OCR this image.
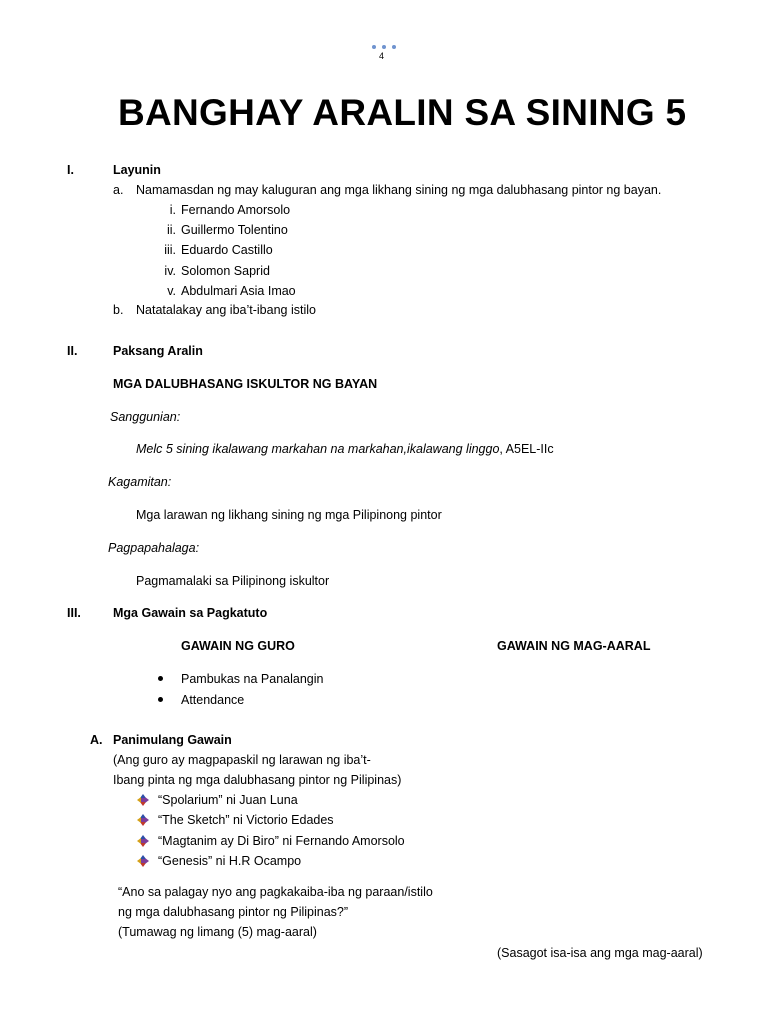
4
BANGHAY ARALIN SA SINING 5
I.	Layunin
a. Namamasdan ng may kaluguran ang mga likhang sining ng mga dalubhasang pintor ng bayan.
i. Fernando Amorsolo
ii. Guillermo Tolentino
iii. Eduardo Castillo
iv. Solomon Saprid
v. Abdulmari Asia Imao
b. Natatalakay ang iba’t-ibang istilo
II.	Paksang Aralin
MGA DALUBHASANG ISKULTOR NG BAYAN
Sanggunian:
Melc 5 sining ikalawang markahan na markahan,ikalawang linggo, A5EL-IIc
Kagamitan:
Mga larawan ng likhang sining ng mga Pilipinong pintor
Pagpapahalaga:
Pagmamalaki sa Pilipinong iskultor
III.	Mga Gawain sa Pagkatuto
GAWAIN NG GURO	GAWAIN NG MAG-AARAL
Pambukas na Panalangin
Attendance
A. Panimulang Gawain
(Ang guro ay magpapaskil ng larawan ng iba’t-
Ibang pinta ng mga dalubhasang pintor ng Pilipinas)
“Spolarium” ni Juan Luna
“The Sketch” ni Victorio Edades
“Magtanim ay Di Biro” ni Fernando Amorsolo
“Genesis” ni H.R Ocampo
“Ano sa palagay nyo ang pagkakaiba-iba ng paraan/istilo
ng mga dalubhasang pintor ng Pilipinas?”
(Tumawag ng limang (5) mag-aaral)
(Sasagot isa-isa ang mga mag-aaral)
